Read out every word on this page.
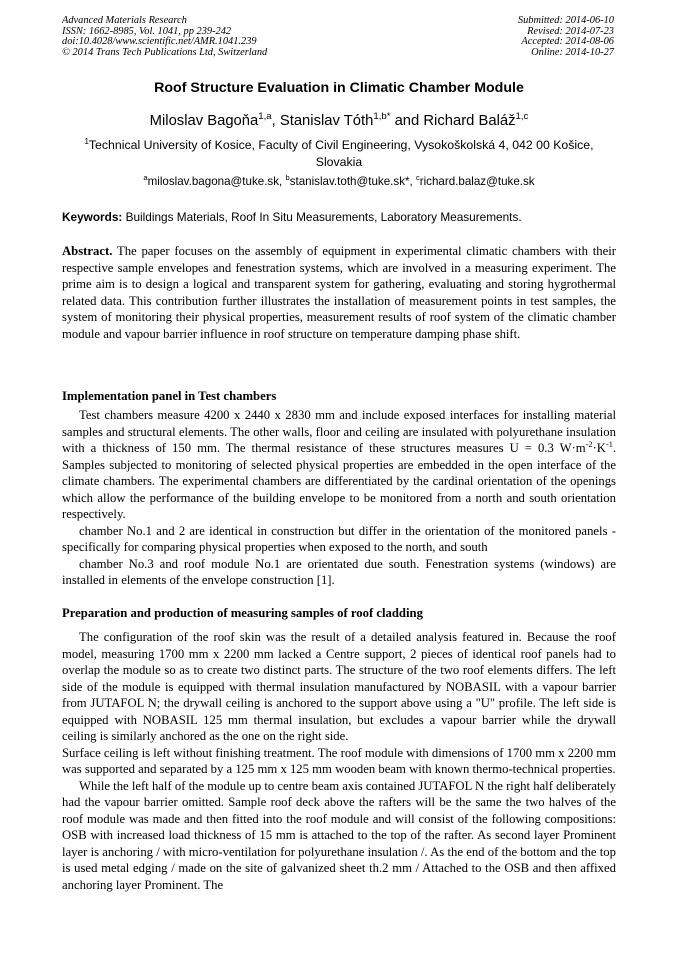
Advanced Materials Research
ISSN: 1662-8985, Vol. 1041, pp 239-242
doi:10.4028/www.scientific.net/AMR.1041.239
© 2014 Trans Tech Publications Ltd, Switzerland
Submitted: 2014-06-10
Revised: 2014-07-23
Accepted: 2014-08-06
Online: 2014-10-27
Roof Structure Evaluation in Climatic Chamber Module
Miloslav Bagoňa$^{1,a}$, Stanislav Tóth$^{1,b*}$ and Richard Baláž$^{1,c}$
$^1$Technical University of Kosice, Faculty of Civil Engineering, Vysokoškolská 4, 042 00 Košice,
Slovakia
$^a$miloslav.bagona@tuke.sk, $^b$stanislav.toth@tuke.sk*, $^c$richard.balaz@tuke.sk
Keywords: Buildings Materials, Roof In Situ Measurements, Laboratory Measurements.
Abstract. The paper focuses on the assembly of equipment in experimental climatic chambers with their respective sample envelopes and fenestration systems, which are involved in a measuring experiment. The prime aim is to design a logical and transparent system for gathering, evaluating and storing hygrothermal related data. This contribution further illustrates the installation of measurement points in test samples, the system of monitoring their physical properties, measurement results of roof system of the climatic chamber module and vapour barrier influence in roof structure on temperature damping phase shift.
Implementation panel in Test chambers

Test chambers measure 4200 x 2440 x 2830 mm and include exposed interfaces for installing material samples and structural elements. The other walls, floor and ceiling are insulated with polyurethane insulation with a thickness of 150 mm. The thermal resistance of these structures measures U = 0.3 $W\cdot m^{-2}\cdot K^{-1}$. Samples subjected to monitoring of selected physical properties are embedded in the open interface of the climate chambers. The experimental chambers are differentiated by the cardinal orientation of the openings which allow the performance of the building envelope to be monitored from a north and south orientation respectively.

chamber No.1 and 2 are identical in construction but differ in the orientation of the monitored panels - specifically for comparing physical properties when exposed to the north, and south

chamber No.3 and roof module No.1 are orientated due south. Fenestration systems (windows) are installed in elements of the envelope construction [1].

Preparation and production of measuring samples of roof cladding

The configuration of the roof skin was the result of a detailed analysis featured in. Because the roof model, measuring 1700 mm x 2200 mm lacked a Centre support, 2 pieces of identical roof panels had to overlap the module so as to create two distinct parts. The structure of the two roof elements differs. The left side of the module is equipped with thermal insulation manufactured by NOBASIL with a vapour barrier from JUTAFOL N; the drywall ceiling is anchored to the support above using a "U" profile. The left side is equipped with NOBASIL 125 mm thermal insulation, but excludes a vapour barrier while the drywall ceiling is similarly anchored as the one on the right side.

Surface ceiling is left without finishing treatment. The roof module with dimensions of 1700 mm x 2200 mm was supported and separated by a 125 mm x 125 mm wooden beam with known thermo-technical properties.

While the left half of the module up to centre beam axis contained JUTAFOL N the right half deliberately had the vapour barrier omitted. Sample roof deck above the rafters will be the same the two halves of the roof module was made and then fitted into the roof module and will consist of the following compositions: OSB with increased load thickness of 15 mm is attached to the top of the rafter. As second layer Prominent layer is anchoring / with micro-ventilation for polyurethane insulation /. As the end of the bottom and the top is used metal edging / made on the site of galvanized sheet th.2 mm / Attached to the OSB and then affixed anchoring layer Prominent. The
